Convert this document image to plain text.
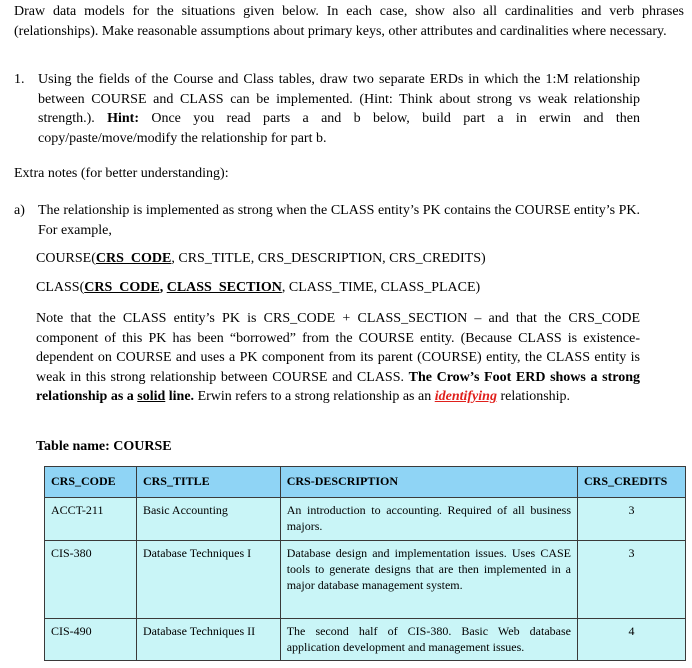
Draw data models for the situations given below. In each case, show also all cardinalities and verb phrases (relationships). Make reasonable assumptions about primary keys, other attributes and cardinalities where necessary.
1. Using the fields of the Course and Class tables, draw two separate ERDs in which the 1:M relationship between COURSE and CLASS can be implemented. (Hint: Think about strong vs weak relationship strength.). Hint: Once you read parts a and b below, build part a in erwin and then copy/paste/move/modify the relationship for part b.
Extra notes (for better understanding):
a) The relationship is implemented as strong when the CLASS entity’s PK contains the COURSE entity’s PK. For example,
COURSE(CRS_CODE, CRS_TITLE, CRS_DESCRIPTION, CRS_CREDITS)
CLASS(CRS_CODE, CLASS_SECTION, CLASS_TIME, CLASS_PLACE)
Note that the CLASS entity’s PK is CRS_CODE + CLASS_SECTION – and that the CRS_CODE component of this PK has been “borrowed” from the COURSE entity. (Because CLASS is existence-dependent on COURSE and uses a PK component from its parent (COURSE) entity, the CLASS entity is weak in this strong relationship between COURSE and CLASS. The Crow’s Foot ERD shows a strong relationship as a solid line. Erwin refers to a strong relationship as an identifying relationship.
Table name: COURSE
CRS_CODE	CRS_TITLE	CRS-DESCRIPTION	CRS_CREDITS
ACCT-211	Basic Accounting	An introduction to accounting. Required of all business majors.	3
CIS-380	Database Techniques I	Database design and implementation issues. Uses CASE tools to generate designs that are then implemented in a major database management system.	3
CIS-490	Database Techniques II	The second half of CIS-380. Basic Web database application development and management issues.	4
